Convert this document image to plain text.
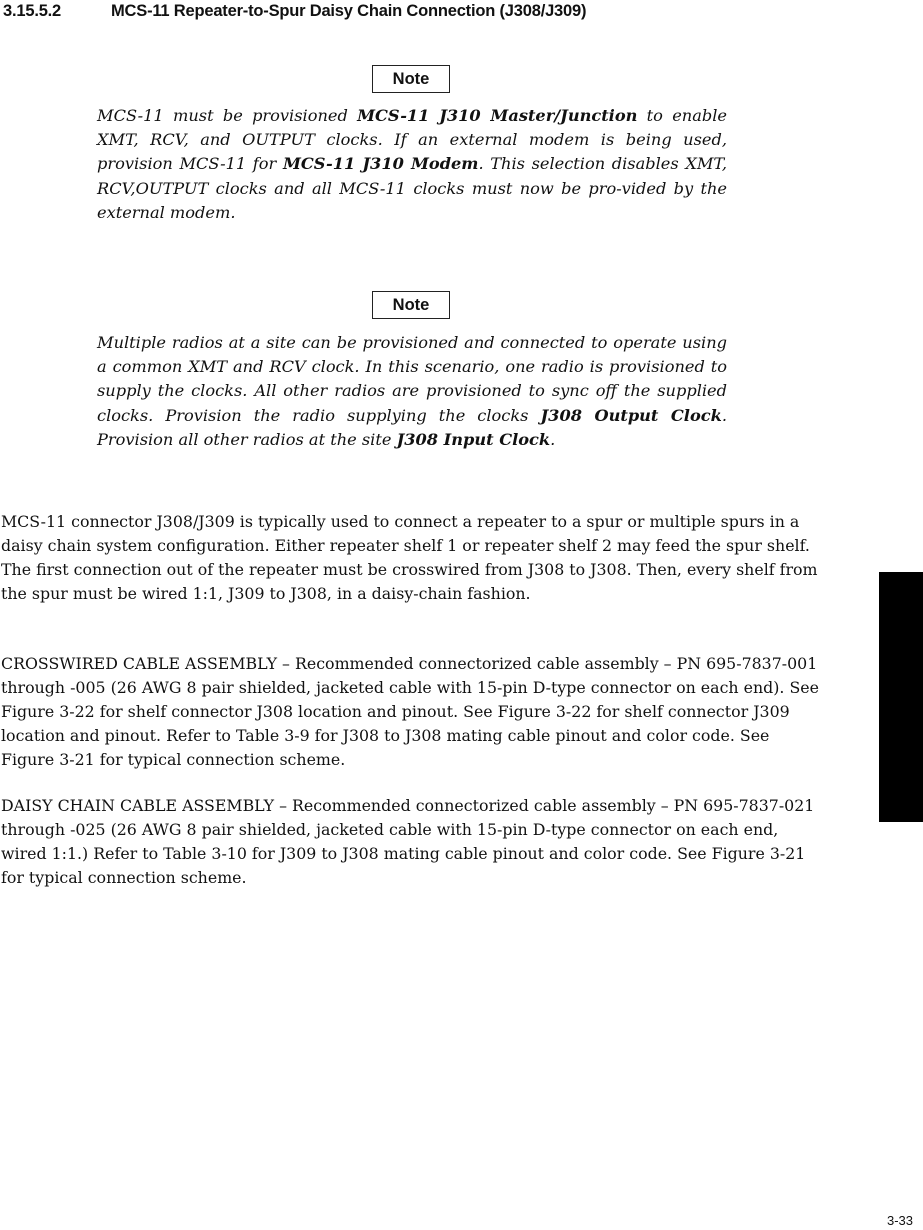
3.15.5.2	MCS-11 Repeater-to-Spur Daisy Chain Connection (J308/J309)
Note

MCS-11 must be provisioned MCS-11 J310 Master/Junction to enable XMT, RCV, and OUTPUT clocks. If an external modem is being used, provision MCS-11 for MCS-11 J310 Modem. This selection disables XMT, RCV,OUTPUT clocks and all MCS-11 clocks must now be pro-vided by the external modem.

Note

Multiple radios at a site can be provisioned and connected to operate using a common XMT and RCV clock. In this scenario, one radio is provisioned to supply the clocks. All other radios are provisioned to sync off the supplied clocks. Provision the radio supplying the clocks J308 Output Clock. Provision all other radios at the site J308 Input Clock.

MCS-11 connector J308/J309 is typically used to connect a repeater to a spur or multiple spurs in a daisy chain system configuration. Either repeater shelf 1 or repeater shelf 2 may feed the spur shelf. The first connection out of the repeater must be crosswired from J308 to J308. Then, every shelf from the spur must be wired 1:1, J309 to J308, in a daisy-chain fashion.

CROSSWIRED CABLE ASSEMBLY – Recommended connectorized cable assembly – PN 695-7837-001 through -005 (26 AWG 8 pair shielded, jacketed cable with 15-pin D-type connector on each end). See Figure 3-22 for shelf connector J308 location and pinout. See Figure 3-22 for shelf connector J309 location and pinout. Refer to Table 3-9 for J308 to J308 mating cable pinout and color code. See Figure 3-21 for typical connection scheme.

DAISY CHAIN CABLE ASSEMBLY – Recommended connectorized cable assembly – PN 695-7837-021 through -025 (26 AWG 8 pair shielded, jacketed cable with 15-pin D-type connector on each end, wired 1:1.) Refer to Table 3-10 for J309 to J308 mating cable pinout and color code. See Figure 3-21 for typical connection scheme.

3-33
